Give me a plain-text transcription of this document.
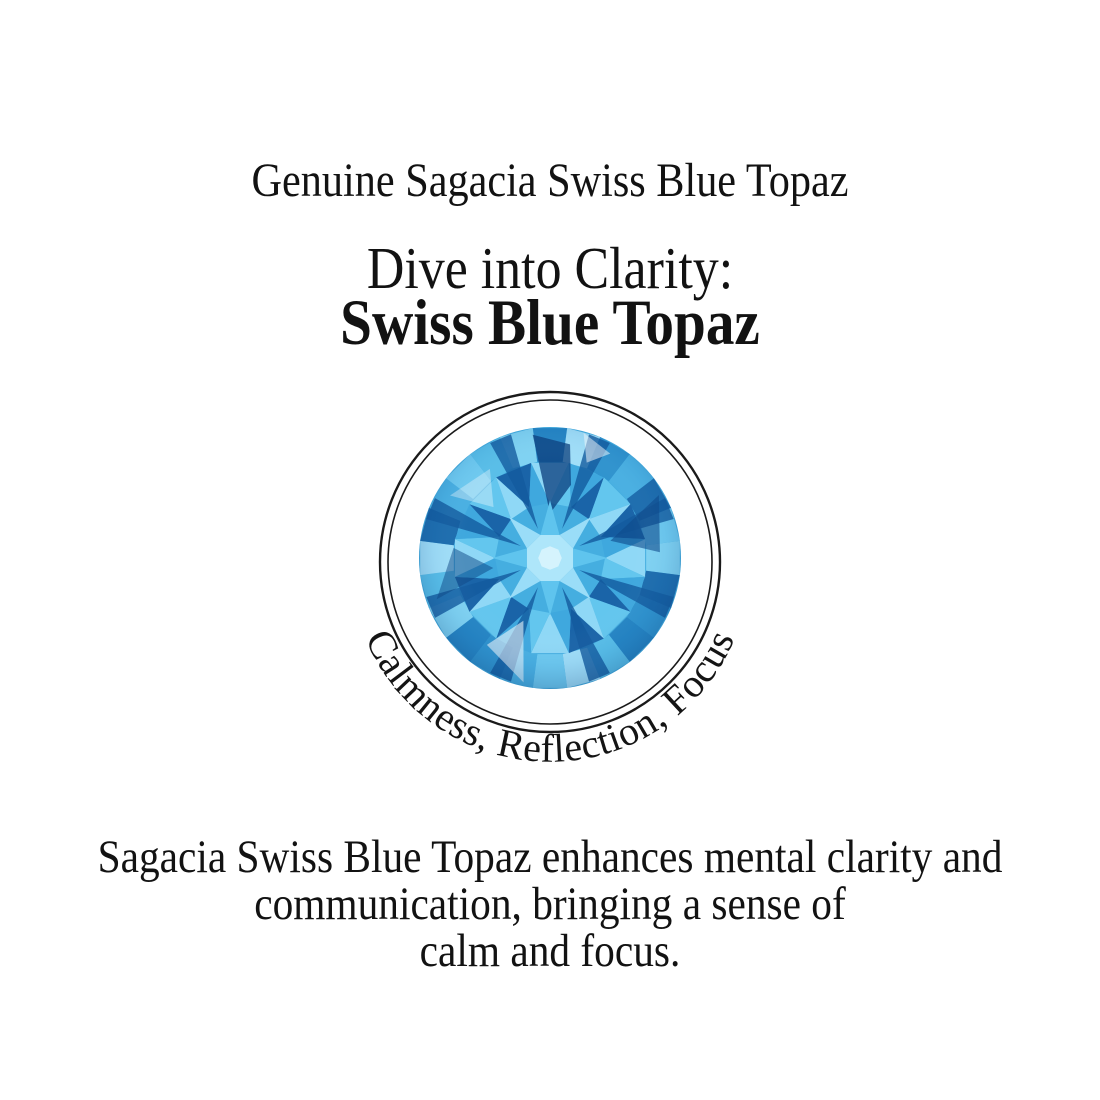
Genuine Sagacia Swiss Blue Topaz
Dive into Clarity:
Swiss Blue Topaz
Calmness, Reflection, Focus
Sagacia Swiss Blue Topaz enhances mental clarity and
communication, bringing a sense of
calm and focus.
